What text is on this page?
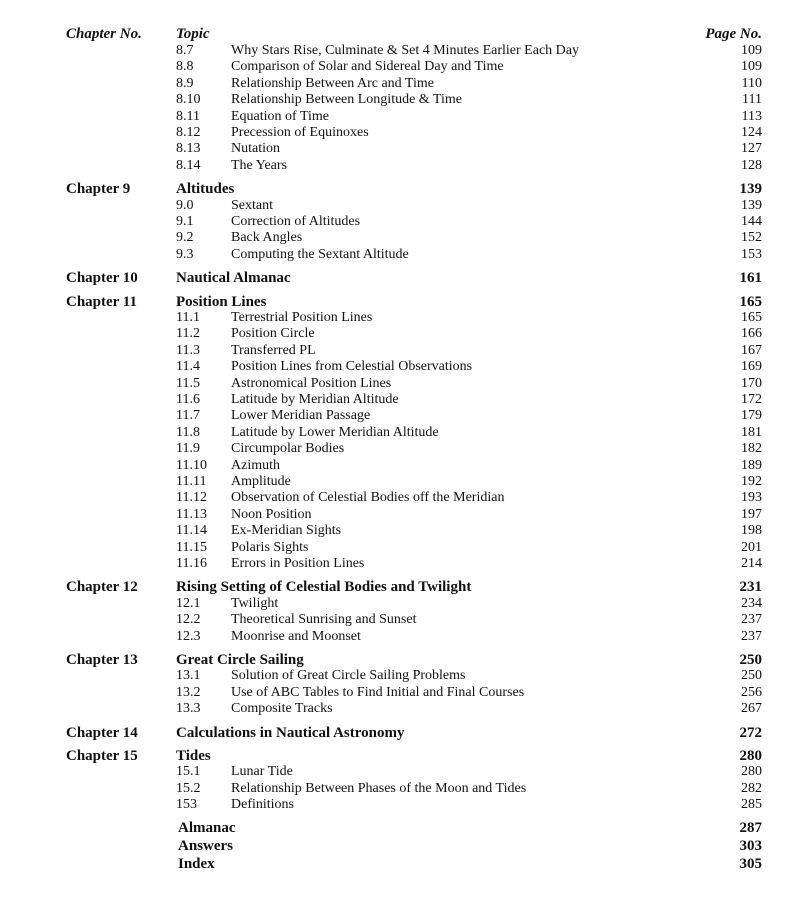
Chapter No. Topic	Page No.
8.7	Why Stars Rise, Culminate & Set 4 Minutes Earlier Each Day	109
8.8	Comparison of Solar and Sidereal Day and Time	109
8.9	Relationship Between Arc and Time	110
8.10 Relationship Between Longitude & Time	111
8.11 Equation of Time	113
8.12 Precession of Equinoxes	124
8.13 Nutation	127
8.14 The Years	128
Chapter 9	Altitudes	139
9.0	Sextant	139
9.1	Correction of Altitudes	144
9.2	Back Angles	152
9.3	Computing the Sextant Altitude	153
Chapter 10	Nautical Almanac	161
Chapter 11	Position Lines	165
11.1 Terrestrial Position Lines	165
11.2 Position Circle	166
11.3 Transferred PL	167
11.4 Position Lines from Celestial Observations	169
11.5 Astronomical Position Lines	170
11.6 Latitude by Meridian Altitude	172
11.7 Lower Meridian Passage	179
11.8 Latitude by Lower Meridian Altitude	181
11.9 Circumpolar Bodies	182
11.10 Azimuth	189
11.11 Amplitude	192
11.12 Observation of Celestial Bodies off the Meridian	193
11.13 Noon Position	197
11.14 Ex-Meridian Sights	198
11.15 Polaris Sights	201
11.16 Errors in Position Lines	214
Chapter 12	Rising Setting of Celestial Bodies and Twilight	231
12.1 Twilight	234
12.2 Theoretical Sunrising and Sunset	237
12.3 Moonrise and Moonset	237
Chapter 13	Great Circle Sailing	250
13.1 Solution of Great Circle Sailing Problems	250
13.2 Use of ABC Tables to Find Initial and Final Courses	256
13.3 Composite Tracks	267
Chapter 14	Calculations in Nautical Astronomy	272
Chapter 15	Tides	280
15.1 Lunar Tide	280
15.2 Relationship Between Phases of the Moon and Tides	282
153 Definitions	285
Almanac	287
Answers	303
Index	305
